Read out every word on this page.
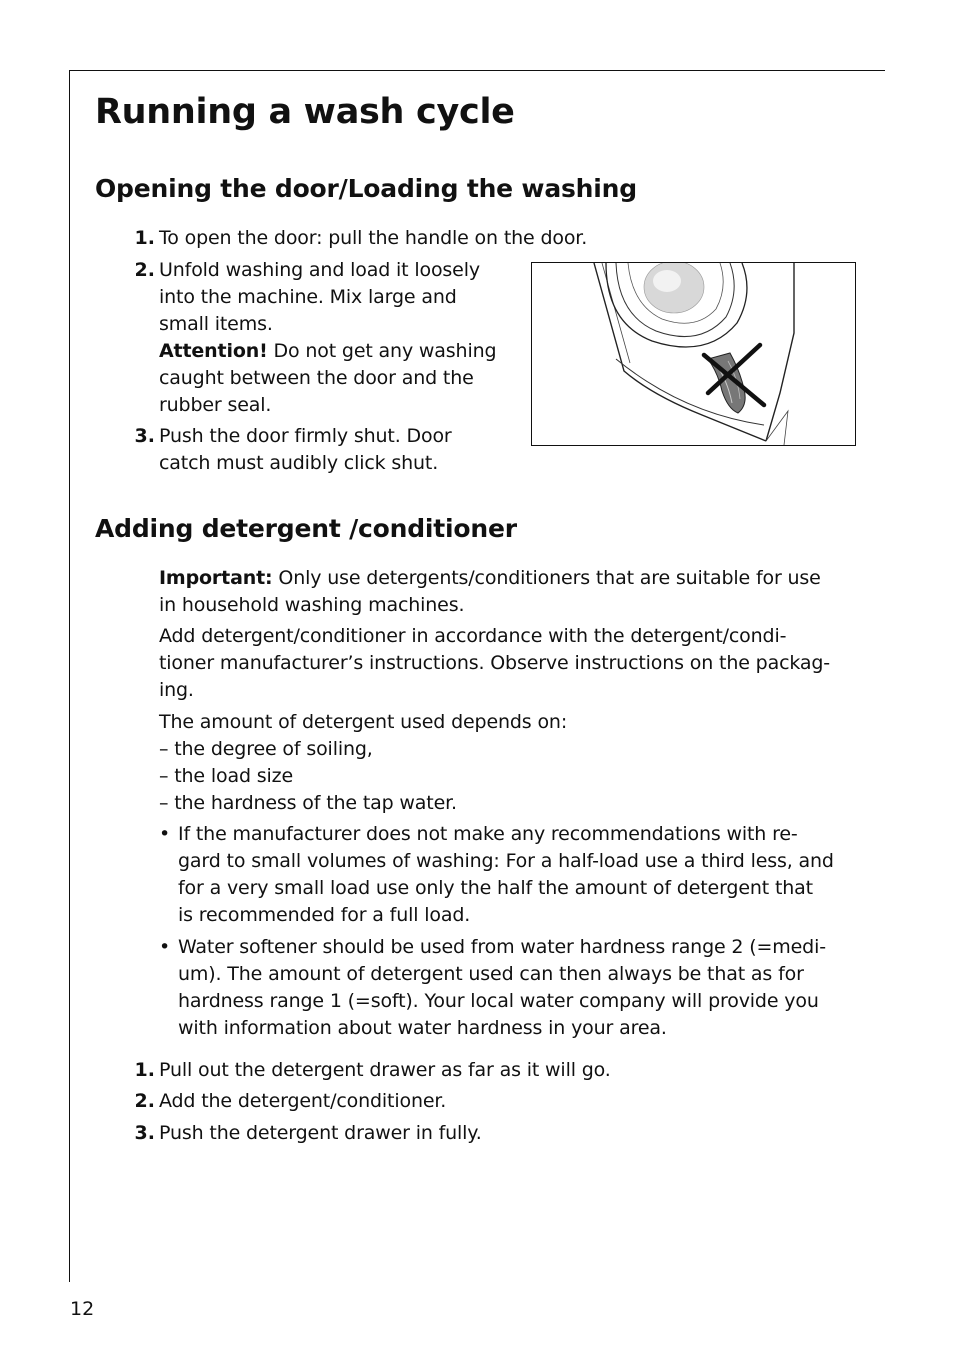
Running a wash cycle
Opening the door/Loading the washing
1. To open the door: pull the handle on the door.
2. Unfold washing and load it loosely
into the machine. Mix large and
small items.
Attention! Do not get any washing
caught between the door and the
rubber seal.
3. Push the door firmly shut. Door
catch must audibly click shut.
Adding detergent /conditioner
Important: Only use detergents/conditioners that are suitable for use
in household washing machines.
Add detergent/conditioner in accordance with the detergent/condi-
tioner manufacturer’s instructions. Observe instructions on the packag-
ing.
The amount of detergent used depends on:
– the degree of soiling,
– the load size
– the hardness of the tap water.
• If the manufacturer does not make any recommendations with re-
gard to small volumes of washing: For a half-load use a third less, and
for a very small load use only the half the amount of detergent that
is recommended for a full load.
• Water softener should be used from water hardness range 2 (=medi-
um). The amount of detergent used can then always be that as for
hardness range 1 (=soft). Your local water company will provide you
with information about water hardness in your area.
1. Pull out the detergent drawer as far as it will go.
2. Add the detergent/conditioner.
3. Push the detergent drawer in fully.
12
